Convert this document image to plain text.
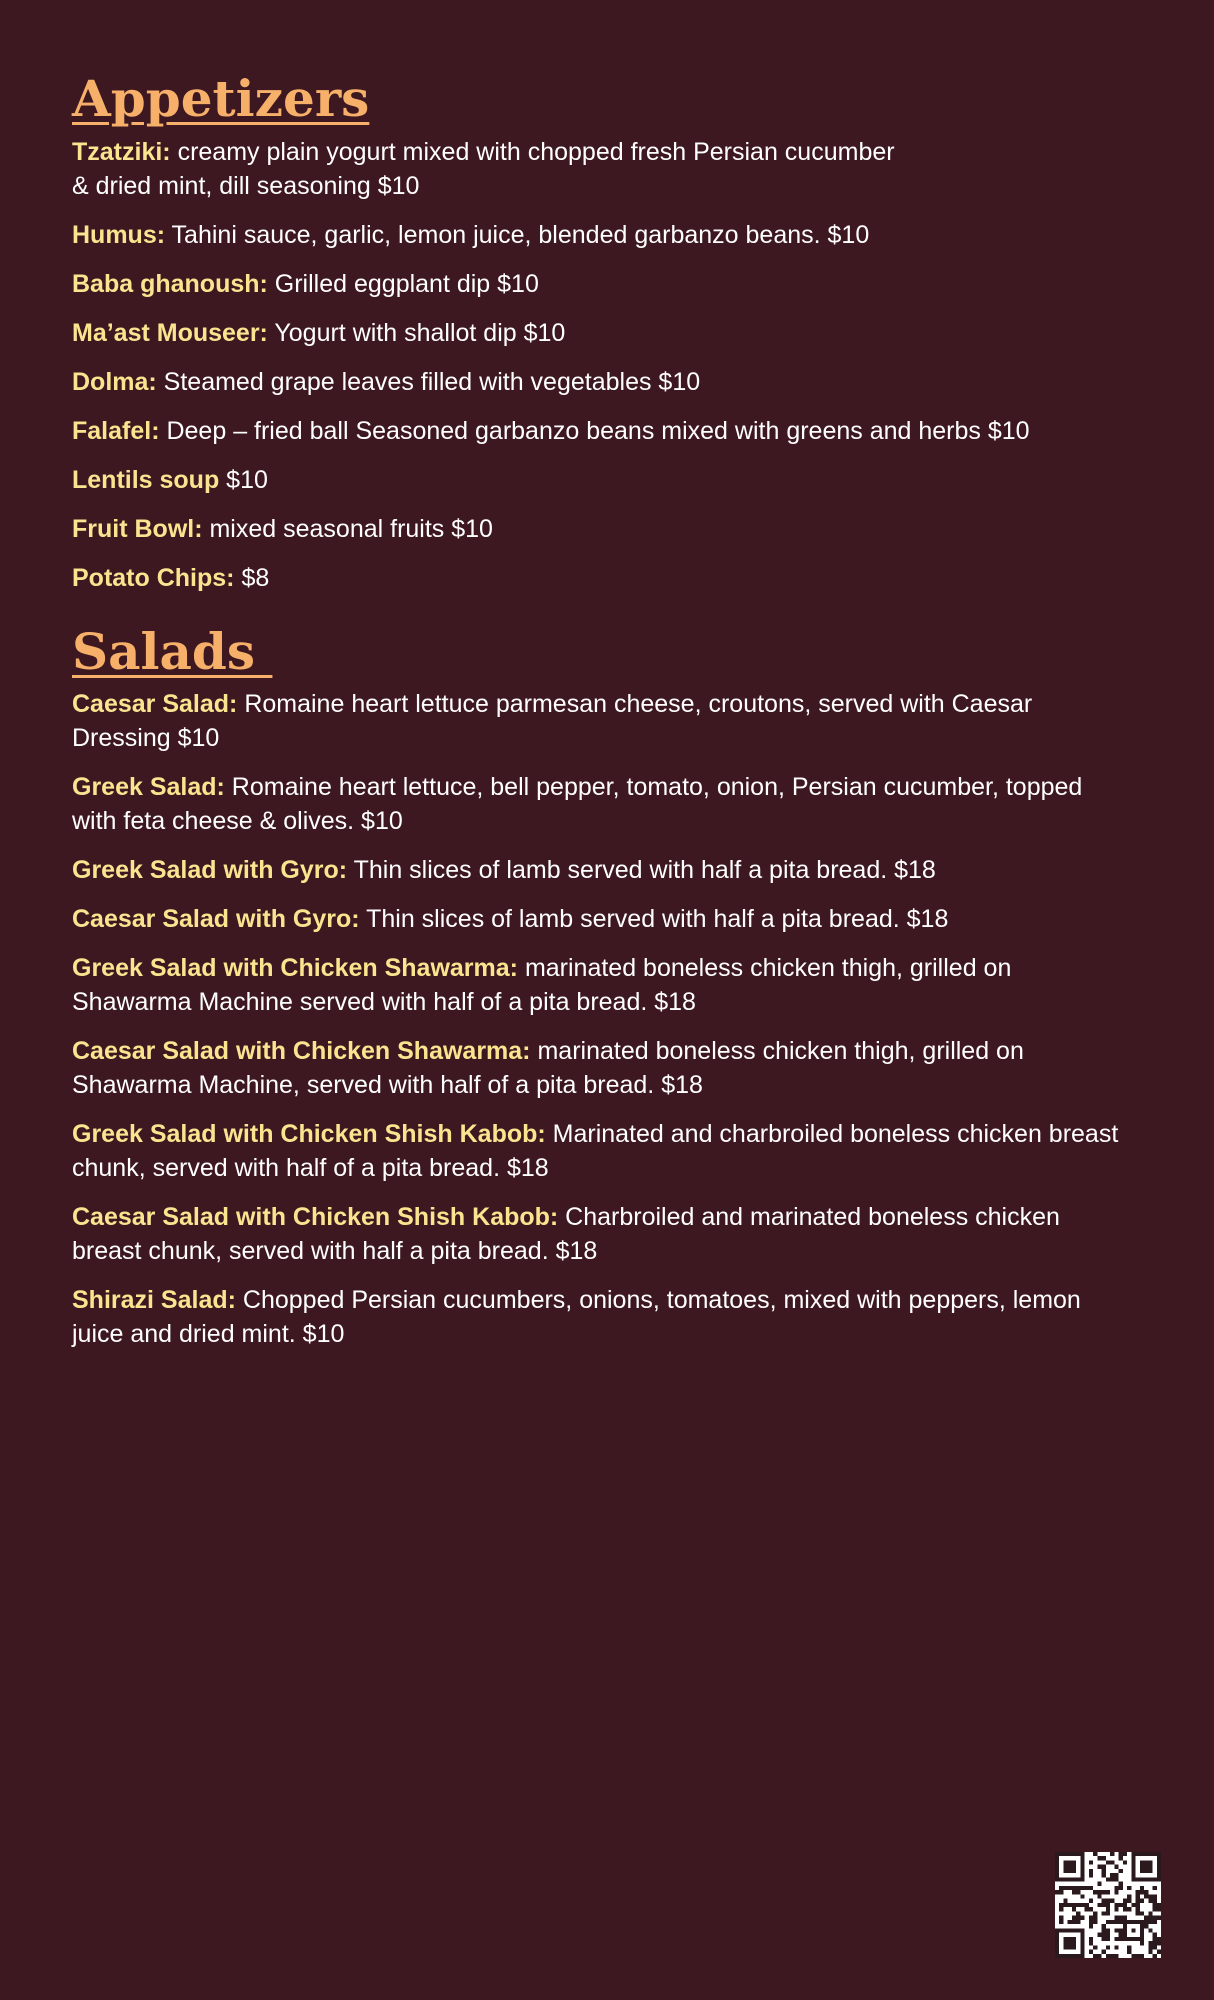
Appetizers

Tzatziki: creamy plain yogurt mixed with chopped fresh Persian cucumber
& dried mint, dill seasoning $10

Humus: Tahini sauce, garlic, lemon juice, blended garbanzo beans. $10

Baba ghanoush: Grilled eggplant dip $10

Ma’ast Mouseer: Yogurt with shallot dip $10

Dolma: Steamed grape leaves filled with vegetables $10

Falafel: Deep – fried ball Seasoned garbanzo beans mixed with greens and herbs $10

Lentils soup $10

Fruit Bowl: mixed seasonal fruits $10

Potato Chips: $8

Salads

Caesar Salad: Romaine heart lettuce parmesan cheese, croutons, served with Caesar Dressing $10

Greek Salad: Romaine heart lettuce, bell pepper, tomato, onion, Persian cucumber, topped with feta cheese & olives. $10

Greek Salad with Gyro: Thin slices of lamb served with half a pita bread. $18

Caesar Salad with Gyro: Thin slices of lamb served with half a pita bread. $18

Greek Salad with Chicken Shawarma: marinated boneless chicken thigh, grilled on Shawarma Machine served with half of a pita bread. $18

Caesar Salad with Chicken Shawarma: marinated boneless chicken thigh, grilled on Shawarma Machine, served with half of a pita bread. $18

Greek Salad with Chicken Shish Kabob: Marinated and charbroiled boneless chicken breast chunk, served with half of a pita bread. $18

Caesar Salad with Chicken Shish Kabob: Charbroiled and marinated boneless chicken breast chunk, served with half a pita bread. $18

Shirazi Salad: Chopped Persian cucumbers, onions, tomatoes, mixed with peppers, lemon juice and dried mint. $10
